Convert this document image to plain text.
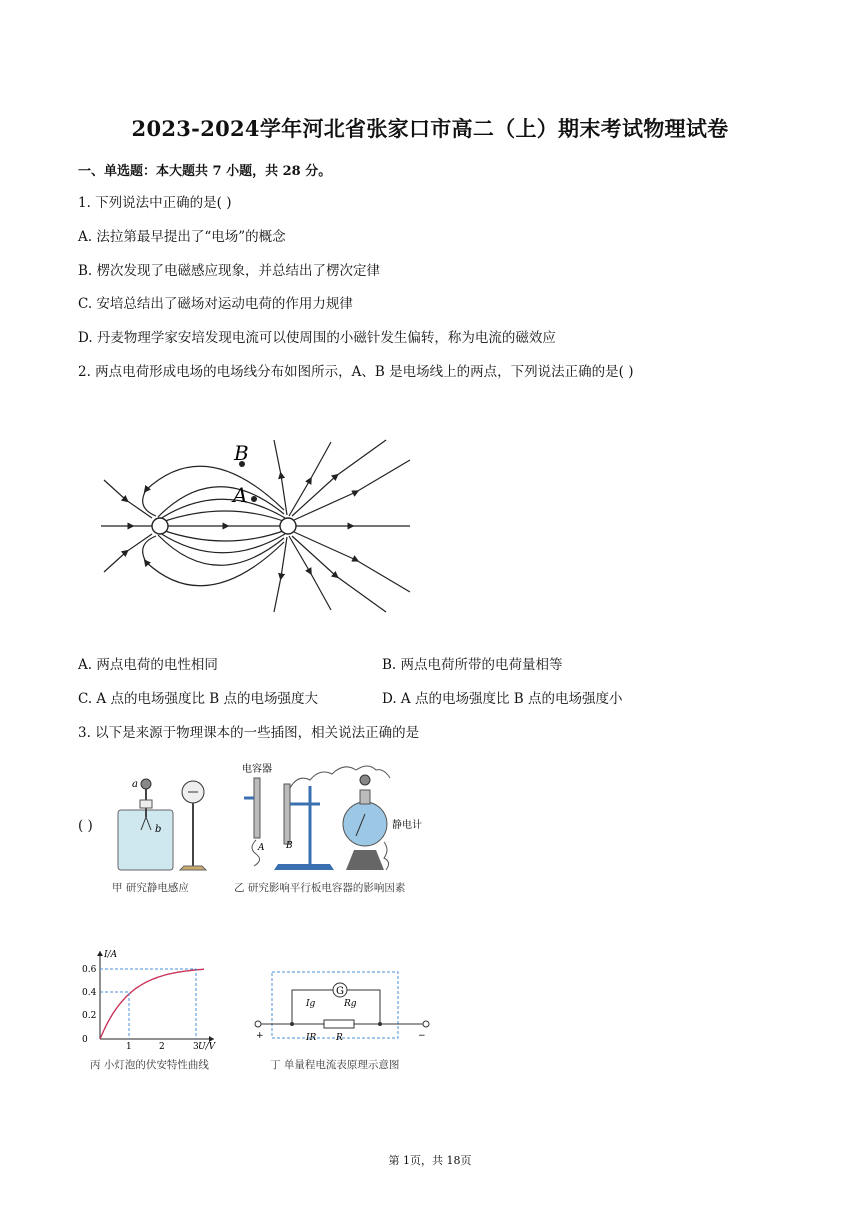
2023-2024学年河北省张家口市高二（上）期末考试物理试卷
一、单选题：本大题共 7 小题，共 28 分。
1. 下列说法中正确的是( )
A. 法拉第最早提出了“电场”的概念
B. 楞次发现了电磁感应现象，并总结出了楞次定律
C. 安培总结出了磁场对运动电荷的作用力规律
D. 丹麦物理学家安培发现电流可以使周围的小磁针发生偏转，称为电流的磁效应
2. 两点电荷形成电场的电场线分布如图所示，A、B 是电场线上的两点，下列说法正确的是( )
B
A
A. 两点电荷的电性相同	B. 两点电荷所带的电荷量相等
C. A 点的电场强度比 B 点的电场强度大	D. A 点的电场强度比 B 点的电场强度小
3. 以下是来源于物理课本的一些插图，相关说法正确的是
( )
a
b
甲 研究静电感应
电容器
A B
静电计
乙 研究影响平行板电容器的影响因素
I/A
U/V
0.6
0.4
0.2
0
1	2	3
丙 小灯泡的伏安特性曲线
G
Ig	Rg
IR R
+	−
丁 单量程电流表原理示意图
第 1页，共 18页
